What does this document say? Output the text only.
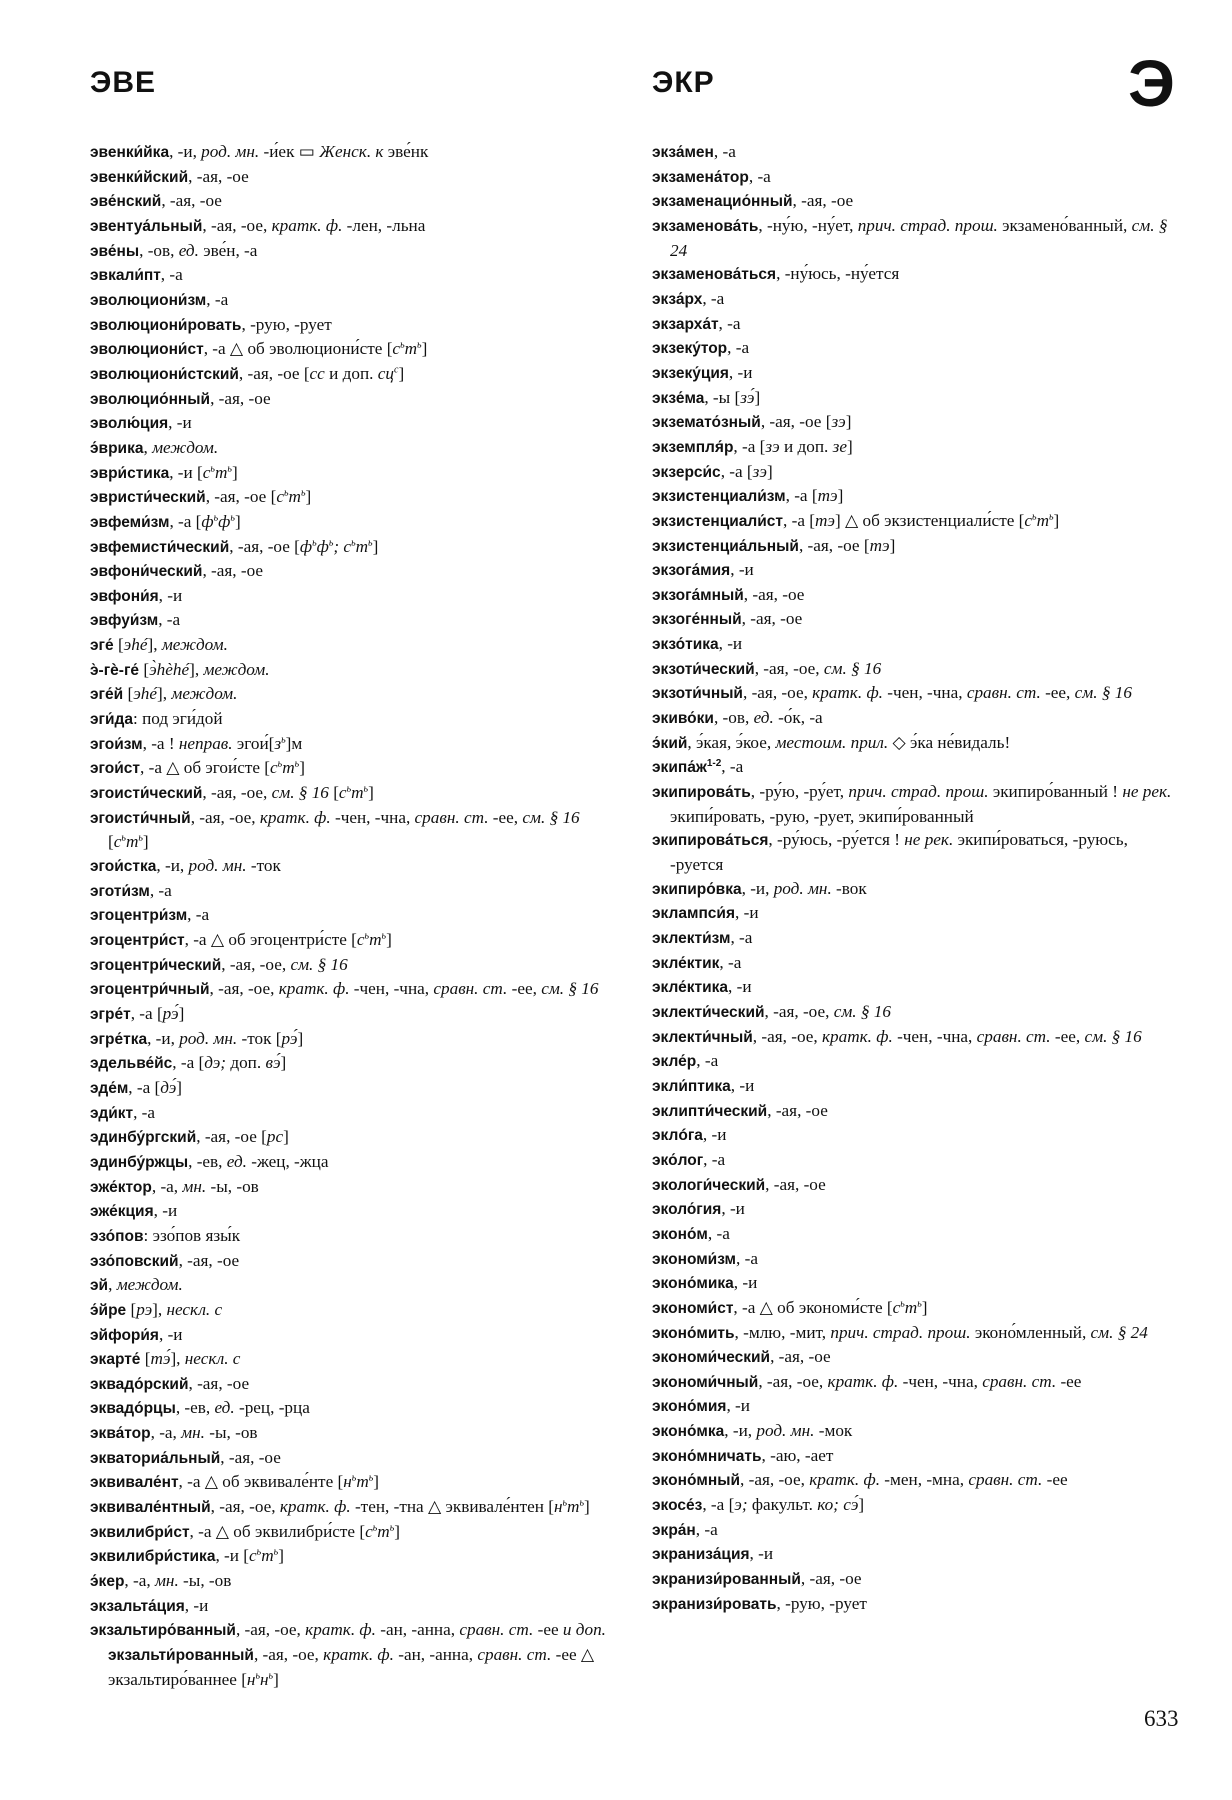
ЭВЕ	ЭКР	Э
эвенки́йка, -и, род. мн. -и́ек ▭ Женск. к эве́нк
эвенки́йский, -ая, -ое
эве́нский, -ая, -ое
эвентуа́льный, -ая, -ое, кратк. ф. -лен, -льна
эве́ны, -ов, ед. эве́н, -а
эвкали́пт, -а
эволюциони́зм, -а
эволюциони́ровать, -рую, -рует
эволюциони́ст, -а △ об эволюциони́сте $[с^ьт^ь]$
эволюциони́стский, -ая, -ое [сс и доп. $сц^с$]
эволюцио́нный, -ая, -ое
эволю́ция, -и
э́врика, междом.
эври́стика, -и $[с^ьт^ь]$
эвристи́ческий, -ая, -ое $[с^ьт^ь]$
эвфеми́зм, -а $[ф^ьф^ь]$
эвфемисти́ческий, -ая, -ое [$ф^ьф^ь$; $с^ьт^ь$]
эвфони́ческий, -ая, -ое
эвфони́я, -и
эвфуи́зм, -а
эге́ [эhé], междом.
э̀-гѐ-ге́ [э̀hѐhé], междом.
эге́й [эhé], междом.
эги́да: под эги́дой
эгои́зм, -а ! неправ. $эгои́[з^ь]м$
эгои́ст, -а △ об эгои́сте $[с^ьт^ь]$
эгоисти́ческий, -ая, -ое, см. § 16 $[с^ьт^ь]$
эгоисти́чный, -ая, -ое, кратк. ф. -чен, -чна, сравн. ст. -ее, см. § 16 $[с^ьт^ь]$
эгои́стка, -и, род. мн. -ток
эготи́зм, -а
эгоцентри́зм, -а
эгоцентри́ст, -а △ об эгоцентри́сте $[с^ьт^ь]$
эгоцентри́ческий, -ая, -ое, см. § 16
эгоцентри́чный, -ая, -ое, кратк. ф. -чен, -чна, сравн. ст. -ее, см. § 16
эгре́т, -а [рэ́]
эгре́тка, -и, род. мн. -ток [рэ́]
эдельве́йс, -а [дэ; доп. вэ́]
эде́м, -а [дэ́]
эди́кт, -а
эдинбу́ргский, -ая, -ое [рс]
эдинбу́ржцы, -ев, ед. -жец, -жца
эже́ктор, -а, мн. -ы, -ов
эже́кция, -и
эзо́пов: эзо́пов язы́к
эзо́повский, -ая, -ое
эй, междом.
э́йре [рэ], нескл. с
эйфори́я, -и
экарте́ [тэ́], нескл. с
эквадо́рский, -ая, -ое
эквадо́рцы, -ев, ед. -рец, -рца
эква́тор, -а, мн. -ы, -ов
экваториа́льный, -ая, -ое
эквивале́нт, -а △ об эквивале́нте $[н^ьт^ь]$
эквивале́нтный, -ая, -ое, кратк. ф. -тен, -тна △ эквивале́нтен $[н^ьт^ь]$
эквилибри́ст, -а △ об эквилибри́сте $[с^ьт^ь]$
эквилибри́стика, -и $[с^ьт^ь]$
э́кер, -а, мн. -ы, -ов
экзальта́ция, -и
экзальтиро́ванный, -ая, -ое, кратк. ф. -ан, -анна, сравн. ст. -ее и доп. экзальти́рованный, -ая, -ое, кратк. ф. -ан, -анна, сравн. ст. -ее △ экзальтиро́ваннее $[н^ьн^ь]$
экза́мен, -а
экзамена́тор, -а
экзаменацио́нный, -ая, -ое
экзаменова́ть, -ну́ю, -ну́ет, прич. страд. прош. экзамено́ванный, см. § 24
экзаменова́ться, -ну́юсь, -ну́ется
экза́рх, -а
экзарха́т, -а
экзеку́тор, -а
экзеку́ция, -и
экзе́ма, -ы [зэ́]
экземато́зный, -ая, -ое [зэ]
экземпля́р, -а [зэ и доп. зе]
экзерси́с, -а [зэ]
экзистенциали́зм, -а [тэ]
экзистенциали́ст, -а [тэ] △ об экзистенциали́сте $[с^ьт^ь]$
экзистенциа́льный, -ая, -ое [тэ]
экзога́мия, -и
экзога́мный, -ая, -ое
экзоге́нный, -ая, -ое
экзо́тика, -и
экзоти́ческий, -ая, -ое, см. § 16
экзоти́чный, -ая, -ое, кратк. ф. -чен, -чна, сравн. ст. -ее, см. § 16
экиво́ки, -ов, ед. -о́к, -а
э́кий, э́кая, э́кое, местоим. прил. ◇ э́ка не́видаль!
$экипа́ж^{1-2}$, -а
экипирова́ть, -ру́ю, -ру́ет, прич. страд. прош. экипиро́ванный ! не рек. экипи́ровать, -рую, -рует, экипи́рованный
экипирова́ться, -ру́юсь, -ру́ется ! не рек. экипи́роваться, -руюсь, -руется
экипиро́вка, -и, род. мн. -вок
эклампси́я, -и
эклекти́зм, -а
экле́ктик, -а
экле́ктика, -и
эклекти́ческий, -ая, -ое, см. § 16
эклекти́чный, -ая, -ое, кратк. ф. -чен, -чна, сравн. ст. -ее, см. § 16
экле́р, -а
экли́птика, -и
эклипти́ческий, -ая, -ое
эклóга, -и
эко́лог, -а
экологи́ческий, -ая, -ое
эколо́гия, -и
эконо́м, -а
экономи́зм, -а
эконо́мика, -и
экономи́ст, -а △ об экономи́сте $[с^ьт^ь]$
эконо́мить, -млю, -мит, прич. страд. прош. эконо́мленный, см. § 24
экономи́ческий, -ая, -ое
экономи́чный, -ая, -ое, кратк. ф. -чен, -чна, сравн. ст. -ее
эконо́мия, -и
эконо́мка, -и, род. мн. -мок
эконо́мничать, -аю, -ает
эконо́мный, -ая, -ое, кратк. ф. -мен, -мна, сравн. ст. -ее
экосе́з, -а [э; факульт. ко; сэ́]
экра́н, -а
экраниза́ция, -и
экранизи́рованный, -ая, -ое
экранизи́ровать, -рую, -рует
633
